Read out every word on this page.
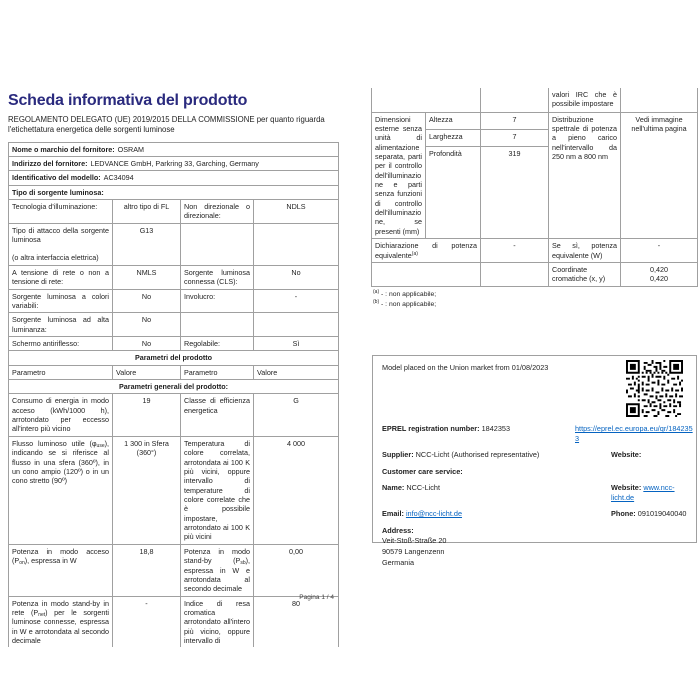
Scheda informativa del prodotto

REGOLAMENTO DELEGATO (UE) 2019/2015 DELLA COMMISSIONE per quanto riguarda
l'etichettatura energetica delle sorgenti luminose

Nome o marchio del fornitore: OSRAM			
Indirizzo del fornitore: LEDVANCE GmbH, Parkring 33, Garching, Germany			
Identificativo del modello: AC34094			
Tipo di sorgente luminosa:			
Tecnologia d'illuminazione:	altro tipo di FL	Non direzionale o direzionale:	NDLS

Tipo di attacco della sorgente luminosa
(o altra interfaccia elettrica)	G13		
A tensione di rete o non a tensione di rete:	NMLS	Sorgente luminosa connessa (CLS):	No
Sorgente luminosa a colori variabili:	No	Involucro:	-
Sorgente luminosa ad alta luminanza:	No		
Schermo antiriflesso:	No	Regolabile:	Sì
Parametri del prodotto			
Parametro	Valore	Parametro	Valore
Parametri generali del prodotto:			
Consumo di energia in modo acceso (kWh/1000 h), arrotondato per eccesso all'intero più vicino	19	Classe di efficienza energetica	G
Flusso luminoso utile $(\varphi_{use})$, indicando se si riferisce al flusso in una sfera (360º), in un cono ampio (120º) o in un cono stretto (90º)	1 300 in Sfera (360°)	Temperatura di colore correlata, arrotondata ai 100 K più vicini, oppure intervallo di temperature di colore correlate che è possibile impostare, arrotondato ai 100 K più vicini	4 000
Potenza in modo acceso $(P_{on})$, espressa in W	18,8	Potenza in modo stand-by $(P_{sb})$, espressa in W e arrotondata al secondo decimale	0,00
Potenza in modo stand-by in rete $(P_{net})$ per le sorgenti luminose connesse, espressa in W e arrotondata al secondo decimale	-	Indice di resa cromatica arrotondato all'intero più vicino, oppure intervallo di	80
			valori IRC che è possibile impostare	
Dimensioni esterne senza unità di alimentazione separata, parti per il controllo dell'illuminazione e parti senza funzioni di controllo dell'illuminazione, se presenti (mm)	Altezza	7	Distribuzione spettrale di potenza a pieno carico nell'intervallo da 250 nm a 800 nm	Vedi immagine nell'ultima pagina
	Larghezza	7		
	Profondità	319		

Dichiarazione di potenza equivalente$^{(a)}$		-	Se sì, potenza equivalente (W)	-
			Coordinate cromatiche (x, y)	0,420
0,420
$^{(a)}$ - : non applicabile;
$^{(b)}$ - : non applicabile;
Model placed on the Union market from 01/08/2023
EPREL registration number: 1842353	https://eprel.ec.europa.eu/qr/1842353
Supplier: NCC-Licht (Authorised representative)	Website:
Customer care service:
Name: NCC-Licht	Website: www.ncc-licht.de
Email: info@ncc-licht.de	Phone: 091019040040
Address:
Veit-Stoß-Straße 20
90579 Langenzenn
Germania
Pagina 1 / 4
